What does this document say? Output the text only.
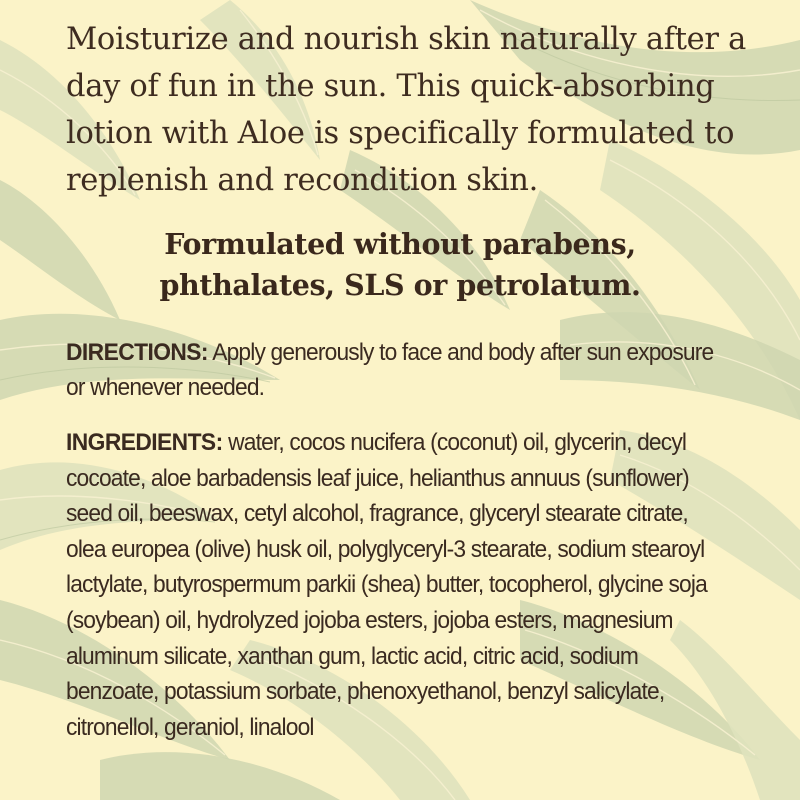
Moisturize and nourish skin naturally after a day of fun in the sun. This quick-absorbing lotion with Aloe is specifically formulated to replenish and recondition skin.

Formulated without parabens,
phthalates, SLS or petrolatum.

DIRECTIONS: Apply generously to face and body after sun exposure or whenever needed.

INGREDIENTS: water, cocos nucifera (coconut) oil, glycerin, decyl cocoate, aloe barbadensis leaf juice, helianthus annuus (sunflower) seed oil, beeswax, cetyl alcohol, fragrance, glyceryl stearate citrate, olea europea (olive) husk oil, polyglyceryl-3 stearate, sodium stearoyl lactylate, butyrospermum parkii (shea) butter, tocopherol, glycine soja (soybean) oil, hydrolyzed jojoba esters, jojoba esters, magnesium aluminum silicate, xanthan gum, lactic acid, citric acid, sodium benzoate, potassium sorbate, phenoxyethanol, benzyl salicylate, citronellol, geraniol, linalool
